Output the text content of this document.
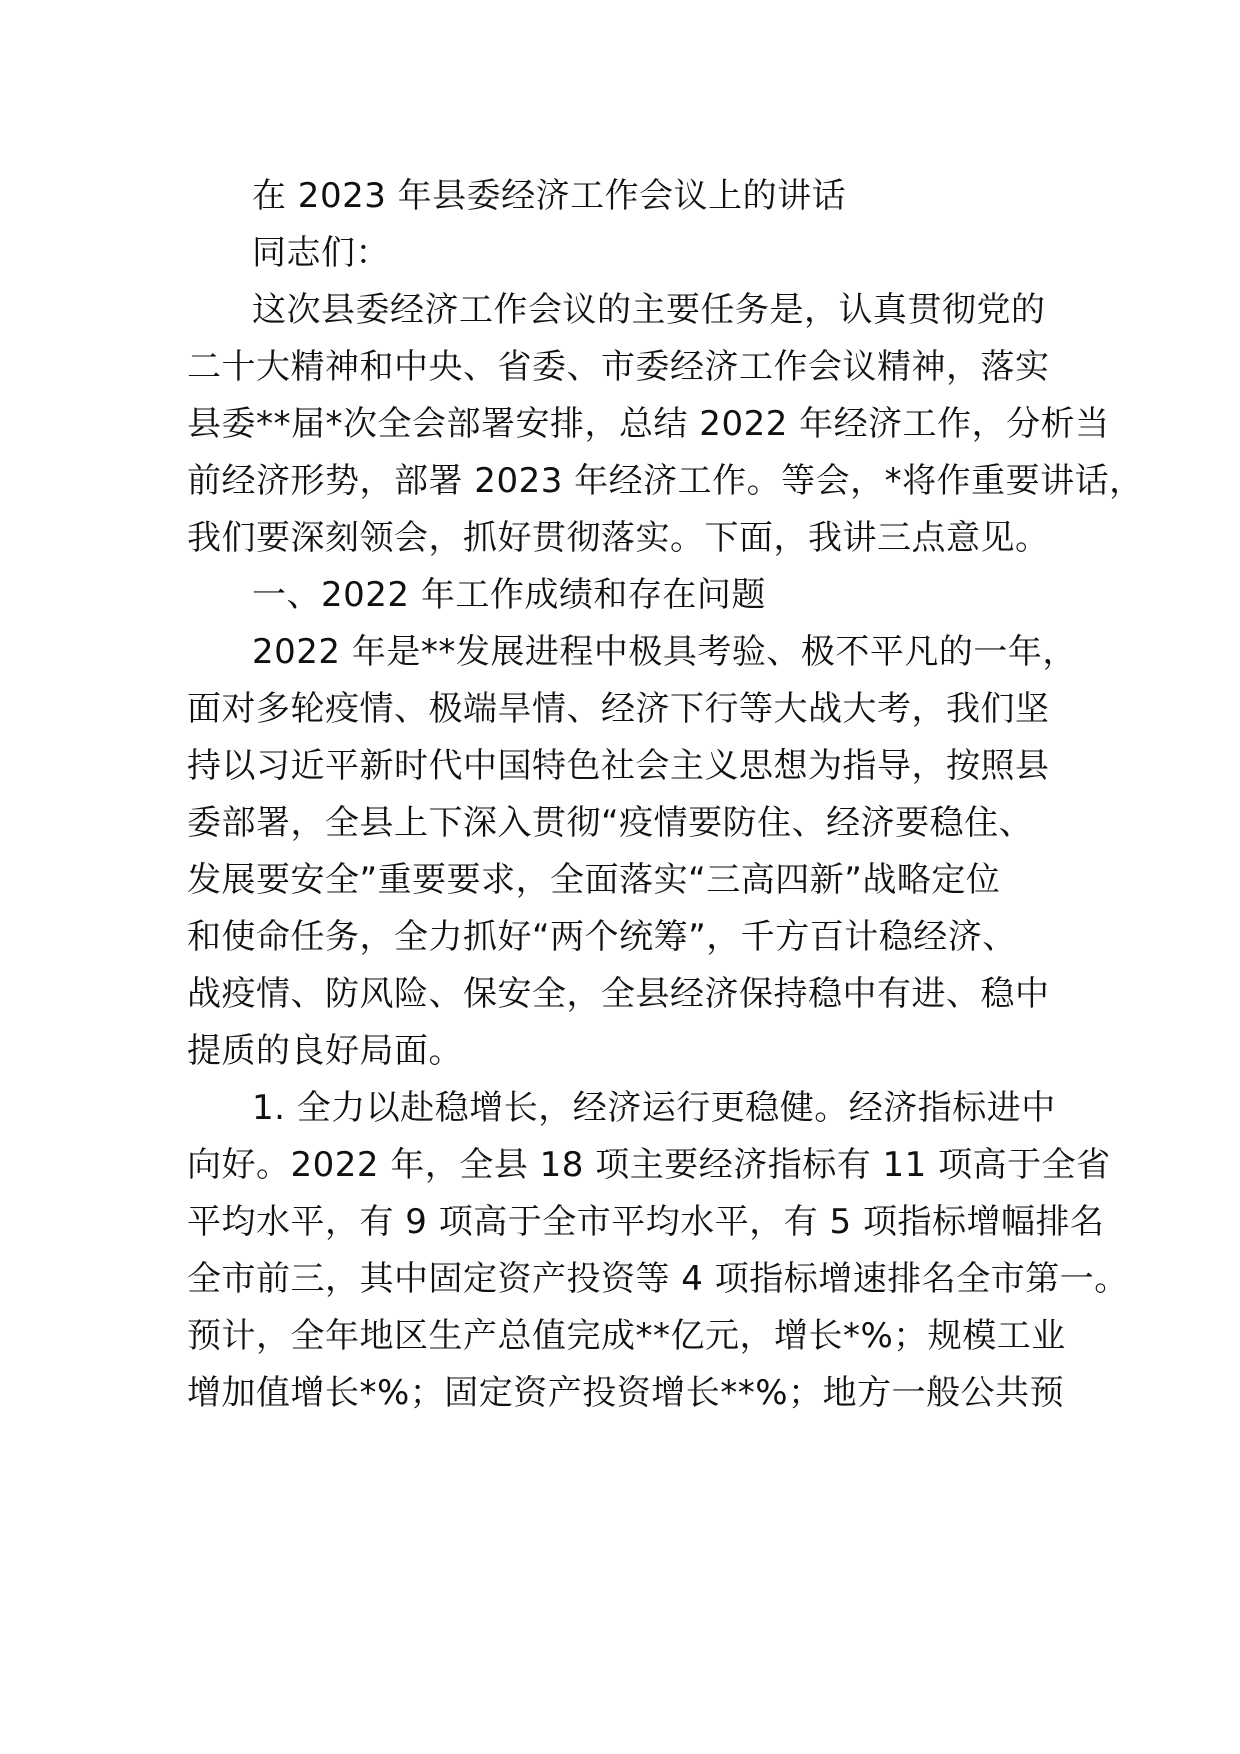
在 2023 年县委经济工作会议上的讲话
同志们：
这次县委经济工作会议的主要任务是，认真贯彻党的
二十大精神和中央、省委、市委经济工作会议精神，落实
县委**届*次全会部署安排，总结 2022 年经济工作，分析当
前经济形势，部署 2023 年经济工作。等会，*将作重要讲话，
我们要深刻领会，抓好贯彻落实。下面，我讲三点意见。
一、2022 年工作成绩和存在问题
2022 年是**发展进程中极具考验、极不平凡的一年，
面对多轮疫情、极端旱情、经济下行等大战大考，我们坚
持以习近平新时代中国特色社会主义思想为指导，按照县
委部署，全县上下深入贯彻“疫情要防住、经济要稳住、
发展要安全”重要要求，全面落实“三高四新”战略定位
和使命任务，全力抓好“两个统筹”，千方百计稳经济、
战疫情、防风险、保安全，全县经济保持稳中有进、稳中
提质的良好局面。
1. 全力以赴稳增长，经济运行更稳健。经济指标进中
向好。2022 年，全县 18 项主要经济指标有 11 项高于全省
平均水平，有 9 项高于全市平均水平，有 5 项指标增幅排名
全市前三，其中固定资产投资等 4 项指标增速排名全市第一。
预计，全年地区生产总值完成**亿元，增长*%；规模工业
增加值增长*%；固定资产投资增长**%；地方一般公共预
